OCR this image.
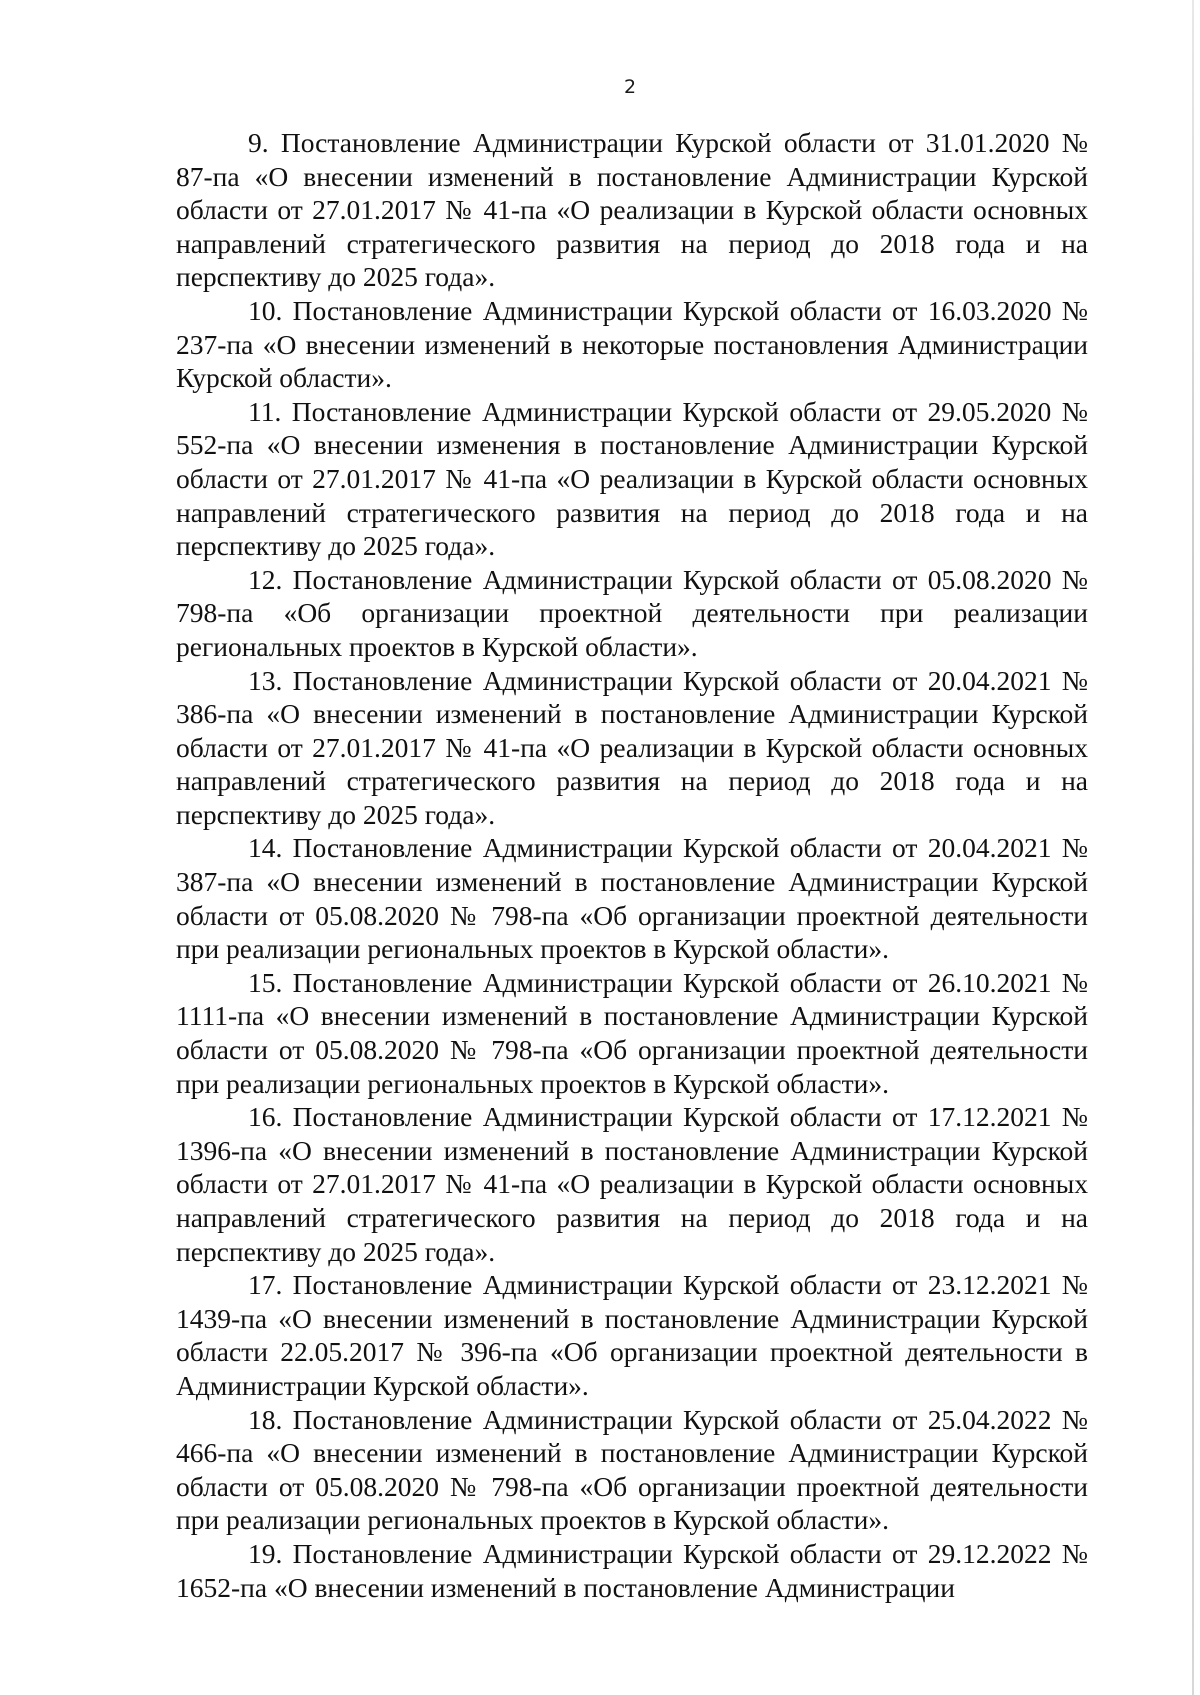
2

9. Постановление Администрации Курской области от 31.01.2020 № 87-па «О внесении изменений в постановление Администрации Курской области от 27.01.2017 № 41-па «О реализации в Курской области основных направлений стратегического развития на период до 2018 года и на перспективу до 2025 года».

10. Постановление Администрации Курской области от 16.03.2020 № 237-па «О внесении изменений в некоторые постановления Администрации Курской области».

11. Постановление Администрации Курской области от 29.05.2020 № 552-па «О внесении изменения в постановление Администрации Курской области от 27.01.2017 № 41-па «О реализации в Курской области основных направлений стратегического развития на период до 2018 года и на перспективу до 2025 года».

12. Постановление Администрации Курской области от 05.08.2020 № 798-па «Об организации проектной деятельности при реализации региональных проектов в Курской области».

13. Постановление Администрации Курской области от 20.04.2021 № 386-па «О внесении изменений в постановление Администрации Курской области от 27.01.2017 № 41-па «О реализации в Курской области основных направлений стратегического развития на период до 2018 года и на перспективу до 2025 года».

14. Постановление Администрации Курской области от 20.04.2021 № 387-па «О внесении изменений в постановление Администрации Курской области от 05.08.2020 № 798-па «Об организации проектной деятельности при реализации региональных проектов в Курской области».

15. Постановление Администрации Курской области от 26.10.2021 № 1111-па «О внесении изменений в постановление Администрации Курской области от 05.08.2020 № 798-па «Об организации проектной деятельности при реализации региональных проектов в Курской области».

16. Постановление Администрации Курской области от 17.12.2021 № 1396-па «О внесении изменений в постановление Администрации Курской области от 27.01.2017 № 41-па «О реализации в Курской области основных направлений стратегического развития на период до 2018 года и на перспективу до 2025 года».

17. Постановление Администрации Курской области от 23.12.2021 № 1439-па «О внесении изменений в постановление Администрации Курской области 22.05.2017 № 396-па «Об организации проектной деятельности в Администрации Курской области».

18. Постановление Администрации Курской области от 25.04.2022 № 466-па «О внесении изменений в постановление Администрации Курской области от 05.08.2020 № 798-па «Об организации проектной деятельности при реализации региональных проектов в Курской области».

19. Постановление Администрации Курской области от 29.12.2022 № 1652-па «О внесении изменений в постановление Администрации
